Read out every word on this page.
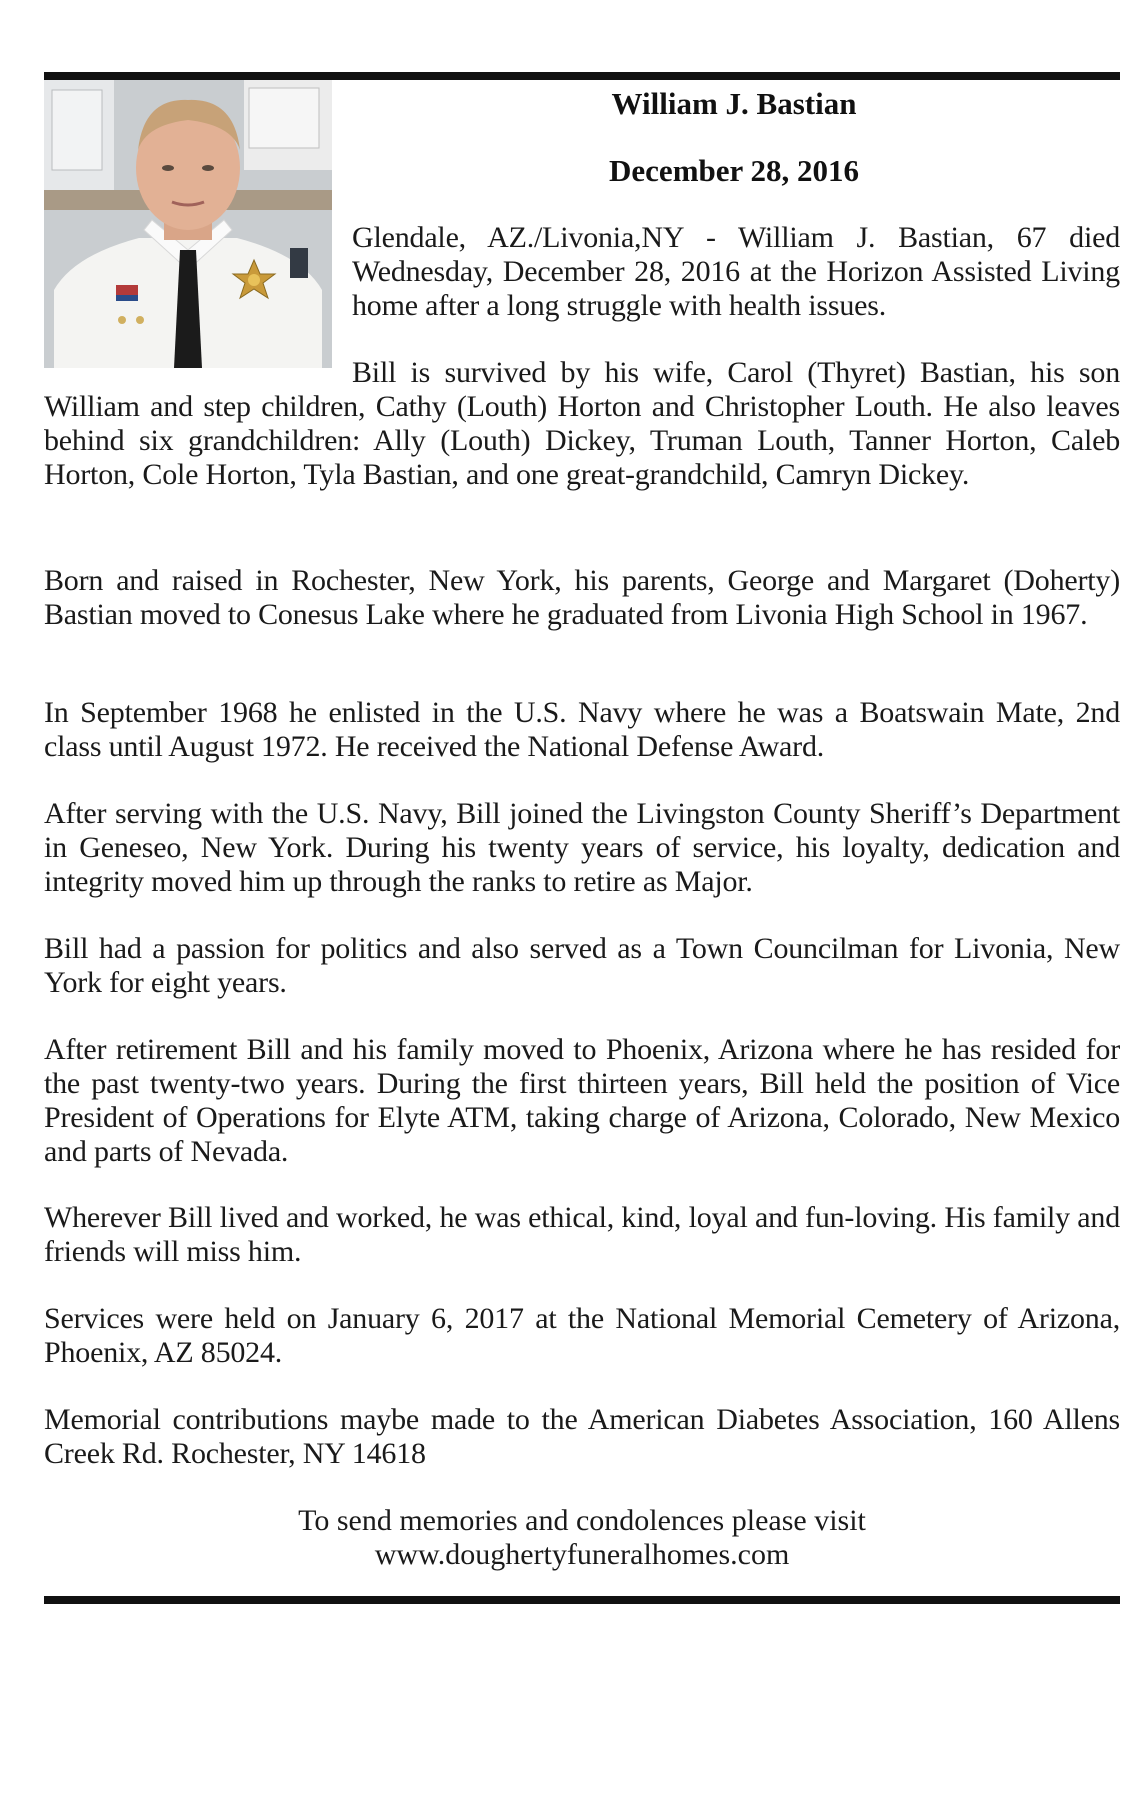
William J. Bastian
December 28, 2016

Glendale, AZ./Livonia,NY - William J. Bastian, 67 died Wednesday, December 28, 2016 at the Horizon Assisted Living home after a long struggle with health issues.

Bill is survived by his wife, Carol (Thyret) Bastian, his son

William and step children, Cathy (Louth) Horton and Christopher Louth. He also leaves behind six grandchildren: Ally (Louth) Dickey, Truman Louth, Tanner Horton, Caleb Horton, Cole Horton, Tyla Bastian, and one great-grandchild, Camryn Dickey.

Born and raised in Rochester, New York, his parents, George and Margaret (Doherty) Bastian moved to Conesus Lake where he graduated from Livonia High School in 1967.

In September 1968 he enlisted in the U.S. Navy where he was a Boatswain Mate, 2nd class until August 1972. He received the National Defense Award.

After serving with the U.S. Navy, Bill joined the Livingston County Sheriff’s Department in Geneseo, New York. During his twenty years of service, his loyalty, dedication and integrity moved him up through the ranks to retire as Major.

Bill had a passion for politics and also served as a Town Councilman for Livonia, New York for eight years.

After retirement Bill and his family moved to Phoenix, Arizona where he has resided for the past twenty-two years. During the first thirteen years, Bill held the position of Vice President of Operations for Elyte ATM, taking charge of Arizona, Colorado, New Mexico and parts of Nevada.

Wherever Bill lived and worked, he was ethical, kind, loyal and fun-loving. His family and friends will miss him.

Services were held on January 6, 2017 at the National Memorial Cemetery of Arizona, Phoenix, AZ 85024.

Memorial contributions maybe made to the American Diabetes Association, 160 Allens Creek Rd. Rochester, NY 14618

To send memories and condolences please visit
www.doughertyfuneralhomes.com
